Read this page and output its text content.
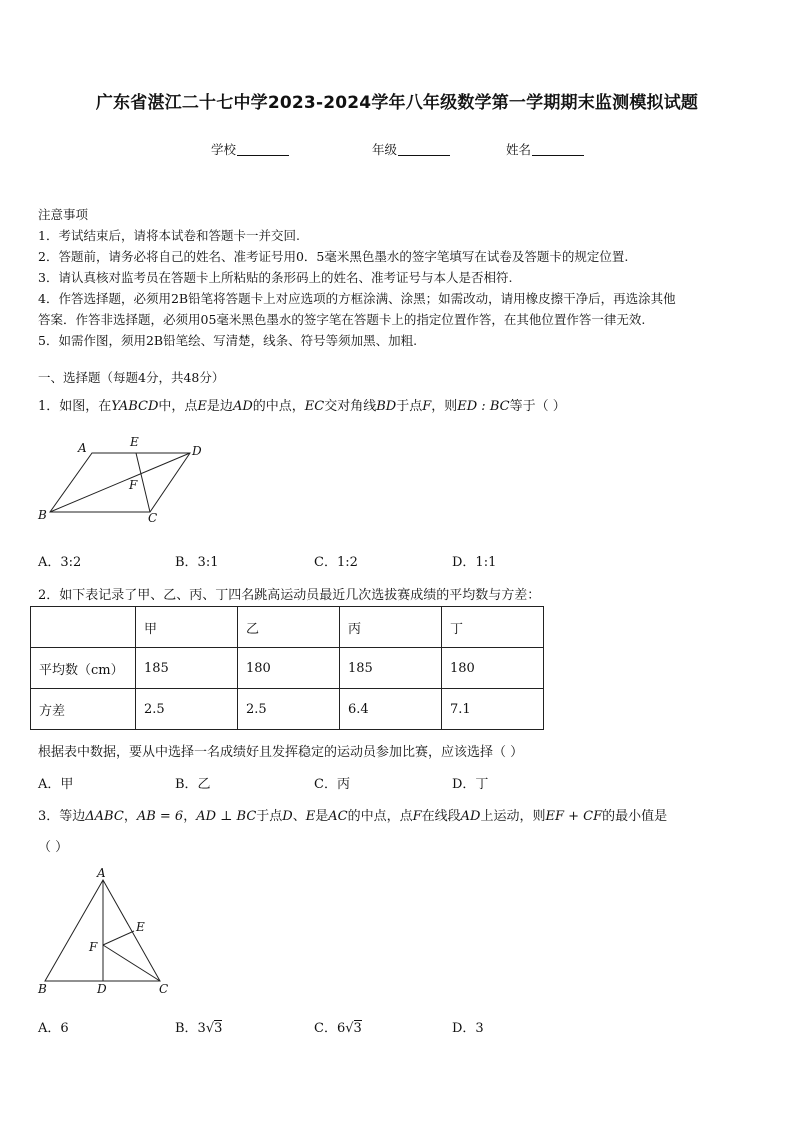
广东省湛江二十七中学2023-2024学年八年级数学第一学期期末监测模拟试题
学校	年级	姓名
注意事项
1．考试结束后，请将本试卷和答题卡一并交回.
2．答题前，请务必将自己的姓名、准考证号用0．5毫米黑色墨水的签字笔填写在试卷及答题卡的规定位置.
3．请认真核对监考员在答题卡上所粘贴的条形码上的姓名、准考证号与本人是否相符.
4．作答选择题，必须用2B铅笔将答题卡上对应选项的方框涂满、涂黑；如需改动，请用橡皮擦干净后，再选涂其他
答案．作答非选择题，必须用05毫米黑色墨水的签字笔在答题卡上的指定位置作答，在其他位置作答一律无效.
5．如需作图，须用2B铅笔绘、写清楚，线条、符号等须加黑、加粗.
一、选择题（每题4分，共48分）
1．如图，在YABCD中，点E是边AD的中点，EC交对角线BD于点F，则ED : BC等于（ ）
A	E
D
F
B	C
A．3:2	B．3:1	C．1:2	D．1:1
2．如下表记录了甲、乙、丙、丁四名跳高运动员最近几次选拔赛成绩的平均数与方差：
	甲	乙	丙	丁
平均数（cm）	185	180	185	180
方差	2.5	2.5	6.4	7.1
根据表中数据，要从中选择一名成绩好且发挥稳定的运动员参加比赛，应该选择（ ）
A．甲	B．乙	C．丙	D．丁
3．等边ΔABC，AB = 6，AD ⊥ BC于点D、E是AC的中点，点F在线段AD上运动，则EF + CF的最小值是
（ ）
A
E
F
B	D	C
A．6	B．3√3	C．6√3	D．3
